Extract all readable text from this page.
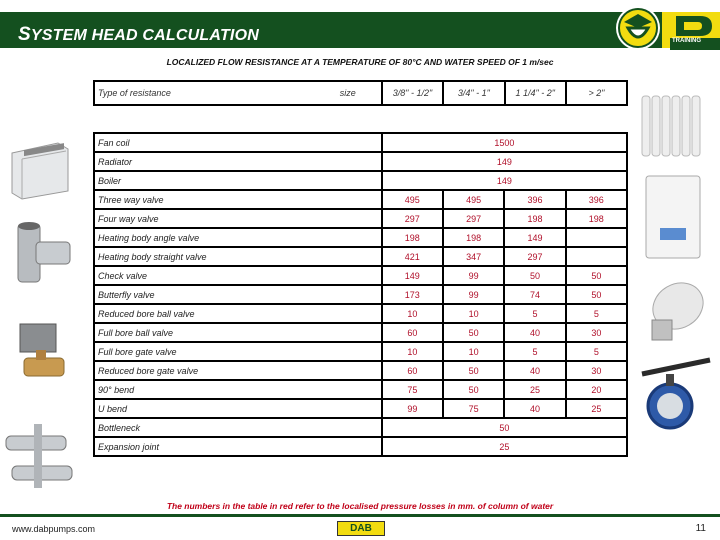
SYSTEM HEAD CALCULATION	TRAINING
LOCALIZED FLOW RESISTANCE AT A TEMPERATURE OF 80°C AND WATER SPEED OF 1 m/sec
Type of resistance	size	3/8" - 1/2"	3/4" - 1"	1 1/4" - 2"	> 2"
Fan coil	1500			
Radiator	149			
Boiler	149			
Three way valve	495	495	396	396
Four way valve	297	297	198	198
Heating body angle valve	198	198	149	
Heating body straight valve	421	347	297	
Check valve	149	99	50	50
Butterfly valve	173	99	74	50
Reduced bore ball valve	10	10	5	5
Full bore ball valve	60	50	40	30
Full bore gate valve	10	10	5	5
Reduced bore gate valve	60	50	40	30
90° bend	75	50	25	20
U bend	99	75	40	25
Bottleneck	50			
Expansion joint	25			
The numbers in the table in red refer to the localised pressure losses in mm. of column of water
www.dabpumps.com	DAB	11
